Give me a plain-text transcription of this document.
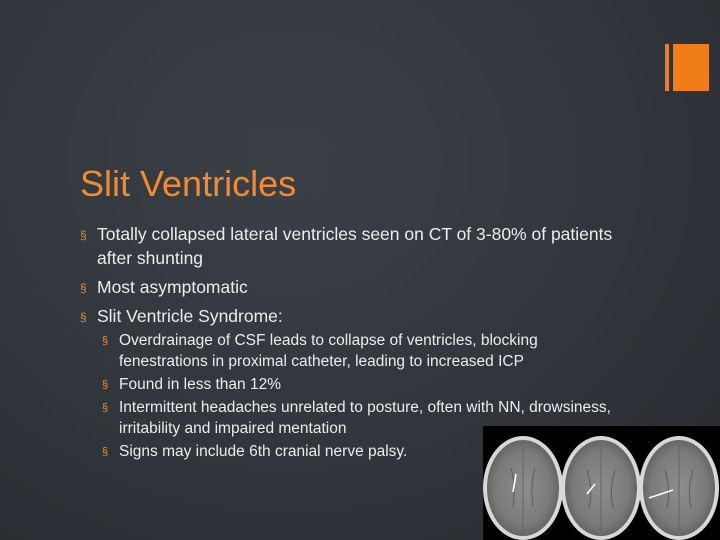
Slit Ventricles
§ Totally collapsed lateral ventricles seen on CT of 3-80% of patients after shunting
§ Most asymptomatic
§ Slit Ventricle Syndrome:
§ Overdrainage of CSF leads to collapse of ventricles, blocking fenestrations in proximal catheter, leading to increased ICP
§ Found in less than 12%
§ Intermittent headaches unrelated to posture, often with NN, drowsiness, irritability and impaired mentation
§ Signs may include 6th cranial nerve palsy.
